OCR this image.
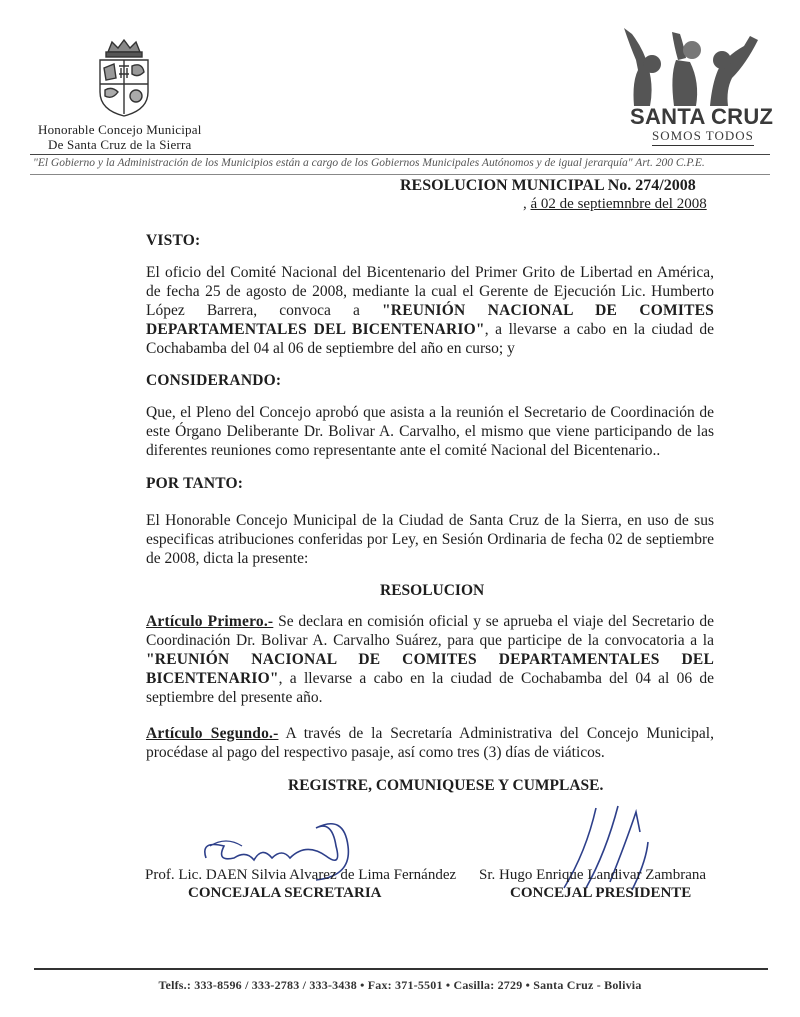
Honorable Concejo Municipal
De Santa Cruz de la Sierra
SANTA CRUZ
SOMOS TODOS
"El Gobierno y la Administración de los Municipios están a cargo de los Gobiernos Municipales Autónomos y de igual jerarquía" Art. 200 C.P.E.
RESOLUCION MUNICIPAL No. 274/2008
, á 02 de septiemnbre del 2008
VISTO:
El oficio del Comité Nacional del Bicentenario del Primer Grito de Libertad en América, de fecha 25 de agosto de 2008, mediante la cual el Gerente de Ejecución Lic. Humberto López Barrera, convoca a "REUNIÓN NACIONAL DE COMITES DEPARTAMENTALES DEL BICENTENARIO", a llevarse a cabo en la ciudad de Cochabamba del 04 al 06 de septiembre del año en curso; y
CONSIDERANDO:
Que, el Pleno del Concejo aprobó que asista a la reunión el Secretario de Coordinación de este Órgano Deliberante Dr. Bolivar A. Carvalho, el mismo que viene participando de las diferentes reuniones como representante ante el comité Nacional del Bicentenario..
POR TANTO:
El Honorable Concejo Municipal de la Ciudad de Santa Cruz de la Sierra, en uso de sus especificas atribuciones conferidas por Ley, en Sesión Ordinaria de fecha 02 de septiembre de 2008, dicta la presente:
RESOLUCION
Artículo Primero.- Se declara en comisión oficial y se aprueba el viaje del Secretario de Coordinación Dr. Bolivar A. Carvalho Suárez, para que participe de la convocatoria a la "REUNIÓN NACIONAL DE COMITES DEPARTAMENTALES DEL BICENTENARIO", a llevarse a cabo en la ciudad de Cochabamba del 04 al 06 de septiembre del presente año.
Artículo Segundo.- A través de la Secretaría Administrativa del Concejo Municipal, procédase al pago del respectivo pasaje, así como tres (3) días de viáticos.
REGISTRE, COMUNIQUESE Y CUMPLASE.
Prof. Lic. DAEN Silvia Alvarez de Lima Fernández
CONCEJALA SECRETARIA
Sr. Hugo Enrique Landivar Zambrana
CONCEJAL PRESIDENTE
Telfs.: 333-8596 / 333-2783 / 333-3438 • Fax: 371-5501 • Casilla: 2729 • Santa Cruz - Bolivia
